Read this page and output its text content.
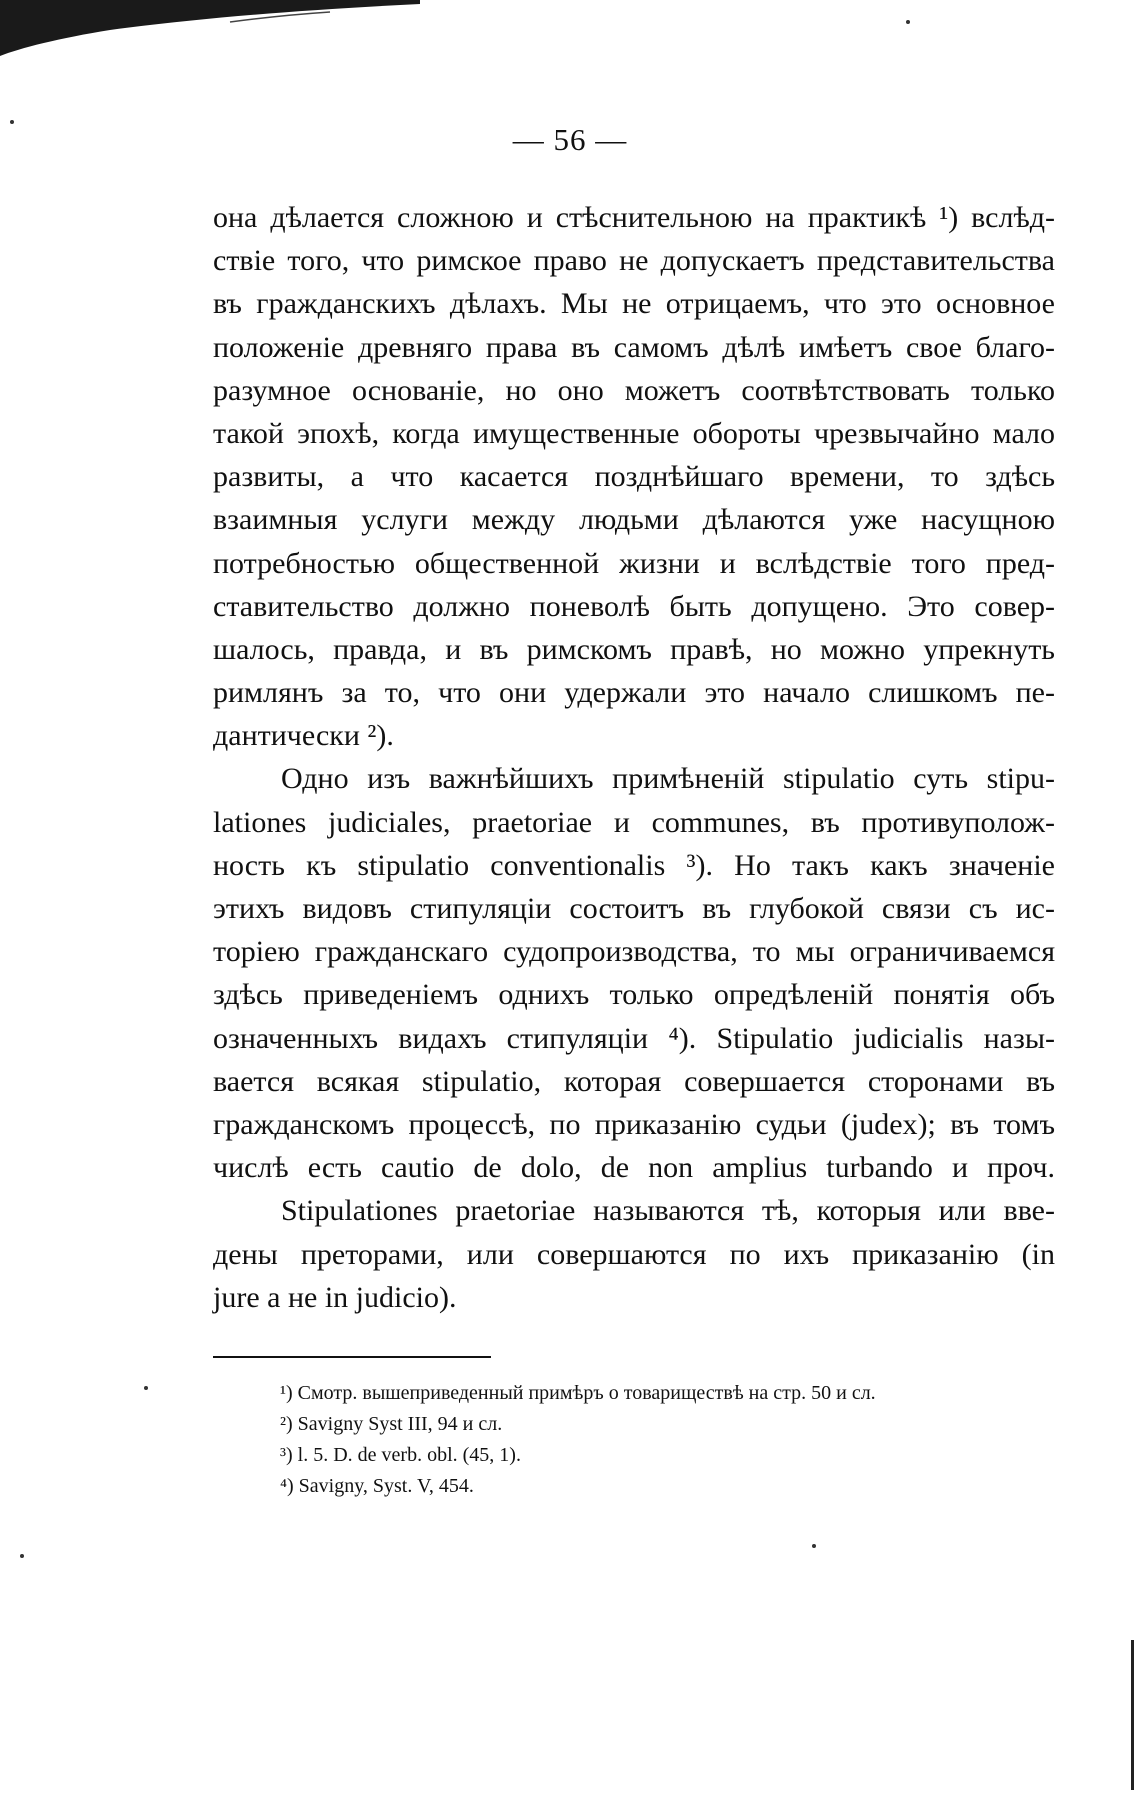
— 56 —
она дѣлается сложною и стѣснительною на практикѣ ¹) вслѣд-
ствіе того, что римское право не допускаетъ представительства
въ гражданскихъ дѣлахъ. Мы не отрицаемъ, что это основное
положеніе древняго права въ самомъ дѣлѣ имѣетъ свое благо-
разумное основаніе, но оно можетъ соотвѣтствовать только
такой эпохѣ, когда имущественные обороты чрезвычайно мало
развиты, а что касается позднѣйшаго времени, то здѣсь
взаимныя услуги между людьми дѣлаются уже насущною
потребностью общественной жизни и вслѣдствіе того пред-
ставительство должно поневолѣ быть допущено. Это совер-
шалось, правда, и въ римскомъ правѣ, но можно упрекнуть
римлянъ за то, что они удержали это начало слишкомъ пе-
дантически ²).
Одно изъ важнѣйшихъ примѣненій stipulatio суть stipu-
lationes judiciales, praetoriae и communes, въ противуполож-
ность къ stipulatio conventionalis ³). Но такъ какъ значеніе
этихъ видовъ стипуляціи состоитъ въ глубокой связи съ ис-
торіею гражданскаго судопроизводства, то мы ограничиваемся
здѣсь приведеніемъ однихъ только опредѣленій понятія объ
означенныхъ видахъ стипуляціи ⁴). Stipulatio judicialis назы-
вается всякая stipulatio, которая совершается сторонами въ
гражданскомъ процессѣ, по приказанію судьи (judex); въ томъ
числѣ есть cautio de dolo, de non amplius turbando и проч.
Stipulationes praetoriae называются тѣ, которыя или вве-
дены преторами, или совершаются по ихъ приказанію (in
jure а не in judicio).
¹) Смотр. вышеприведенный примѣръ о товариществѣ на стр. 50 и сл.
²) Savigny Syst III, 94 и сл.
³) l. 5. D. de verb. obl. (45, 1).
⁴) Savigny, Syst. V, 454.
